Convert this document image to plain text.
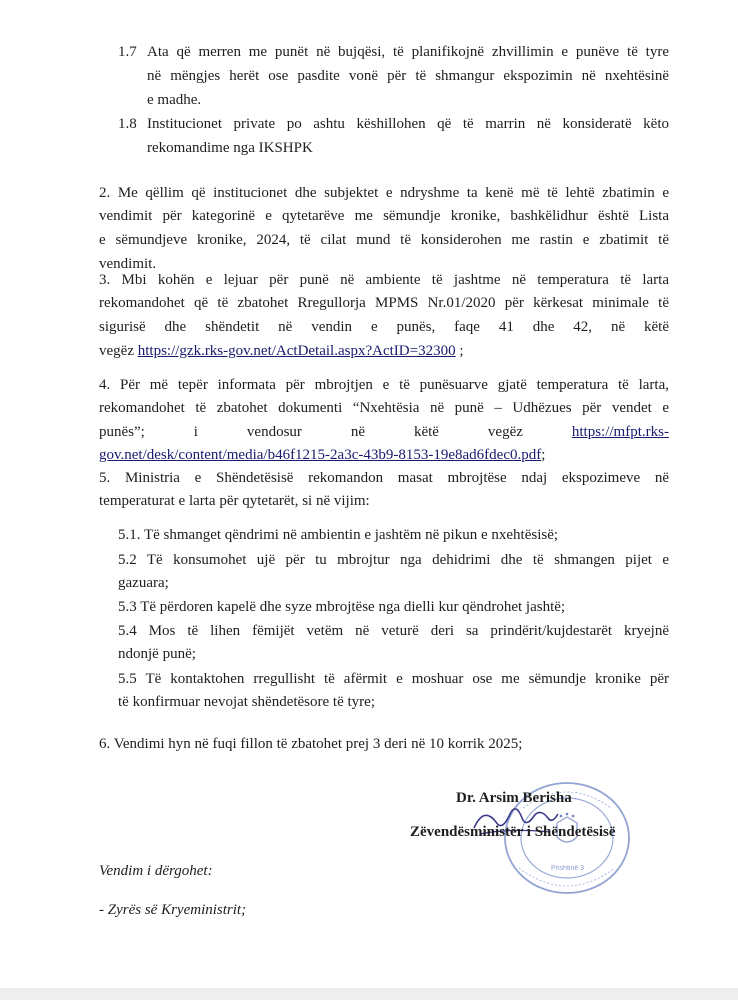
1.7 Ata që merren me punët në bujqësi, të planifikojnë zhvillimin e punëve të tyre
në mëngjes herët ose pasdite vonë për të shmangur ekspozimin në nxehtësinë
e madhe.
1.8 Institucionet private po ashtu këshillohen që të marrin në konsideratë këto
rekomandime nga IKSHPK
2. Me qëllim që institucionet dhe subjektet e ndryshme ta kenë më të lehtë zbatimin e
vendimit për kategorinë e qytetarëve me sëmundje kronike, bashkëlidhur është Lista
e sëmundjeve kronike, 2024, të cilat mund të konsiderohen me rastin e zbatimit të
vendimit.
3. Mbi kohën e lejuar për punë në ambiente të jashtme në temperatura të larta
rekomandohet që të zbatohet Rregullorja MPMS Nr.01/2020 për kërkesat minimale të
sigurisë dhe shëndetit në vendin e punës, faqe 41 dhe 42, në këtë
vegëz https://gzk.rks-gov.net/ActDetail.aspx?ActID=32300 ;
4. Për më tepër informata për mbrojtjen e të punësuarve gjatë temperatura të larta,
rekomandohet të zbatohet dokumenti “Nxehtësia në punë – Udhëzues për vendet e
punës”;	i	vendosur	në	këtë	vegëz	https://mfpt.rks-
gov.net/desk/content/media/b46f1215-2a3c-43b9-8153-19e8ad6fdec0.pdf;
5. Ministria e Shëndetësisë rekomandon masat mbrojtëse ndaj ekspozimeve në
temperaturat e larta për qytetarët, si në vijim:
5.1. Të shmanget qëndrimi në ambientin e jashtëm në pikun e nxehtësisë;
5.2 Të konsumohet ujë për tu mbrojtur nga dehidrimi dhe të shmangen pijet e
gazuara;
5.3 Të përdoren kapelë dhe syze mbrojtëse nga dielli kur qëndrohet jashtë;
5.4 Mos të lihen fëmijët vetëm në veturë deri sa prindërit/kujdestarët kryejnë
ndonjë punë;
5.5 Të kontaktohen rregullisht të afërmit e moshuar ose me sëmundje kronike për
të konfirmuar nevojat shëndetësore të tyre;
6. Vendimi hyn në fuqi fillon të zbatohet prej 3 deri në 10 korrik 2025;
Prishtinë 3
Dr. Arsim Berisha
Zëvendësministër i Shëndetësisë
Vendim i dërgohet:
- Zyrës së Kryeministrit;
